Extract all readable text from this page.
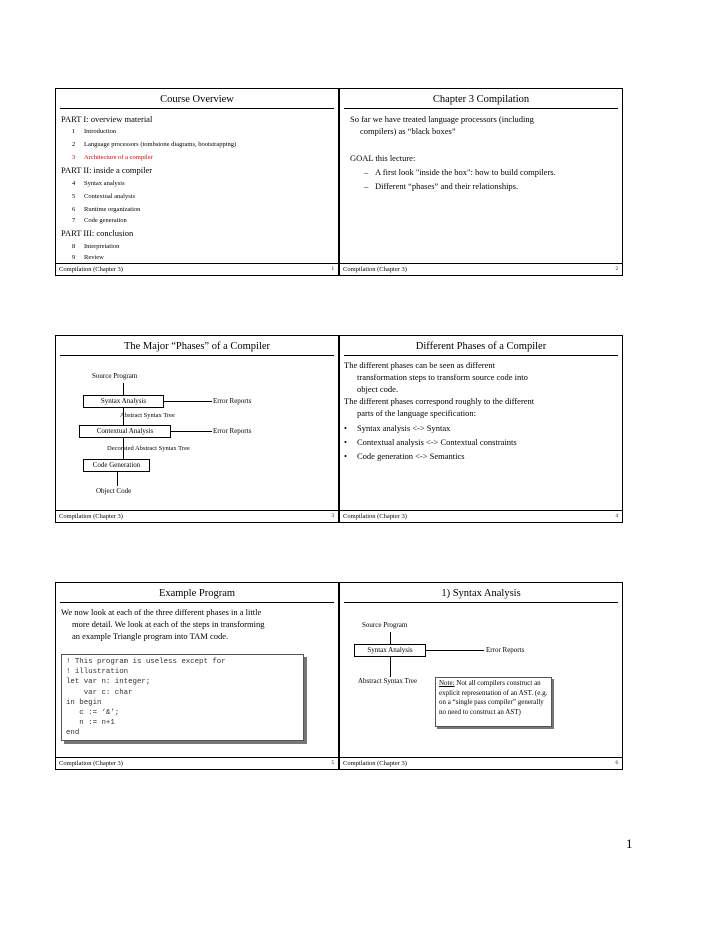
Course Overview
PART I: overview material
1 Introduction
2 Language processors (tombstone diagrams, bootstrapping)
3 Architecture of a compiler
PART II: inside a compiler
4 Syntax analysis
5 Contextual analysis
6 Runtime organization
7 Code generation
PART III: conclusion
8 Interpretation
9 Review
Compilation (Chapter 3)	1
Chapter 3 Compilation
So far we have treated language processors (including
compilers) as “black boxes”
GOAL this lecture:
– A first look "inside the box": how to build compilers.
– Different “phases” and their relationships.
Compilation (Chapter 3)	2
The Major “Phases” of a Compiler
Source Program
Syntax Analysis	Error Reports
Abstract Syntax Tree
Contextual Analysis	Error Reports
Decorated Abstract Syntax Tree
Code Generation
Object Code
Compilation (Chapter 3)	3
Different Phases of a Compiler
The different phases can be seen as different
transformation steps to transform source code into
object code.
The different phases correspond roughly to the different
parts of the language specification:
• Syntax analysis <-> Syntax
• Contextual analysis <-> Contextual constraints
• Code generation <-> Semantics
Compilation (Chapter 3)	4
Example Program
We now look at each of the three different phases in a little
more detail. We look at each of the steps in transforming
an example Triangle program into TAM code.
! This program is useless except for
! illustration
let var n: integer;
var c: char
in begin
c := ‘&’;
n := n+1
end
Compilation (Chapter 3)	5
1) Syntax Analysis
Source Program
Syntax Analysis	Error Reports
Abstract Syntax Tree	Note: Not all compilers construct an explicit representation of an AST. (e.g. on a “single pass compiler” generally no need to construct an AST)
Compilation (Chapter 3)	6
1
